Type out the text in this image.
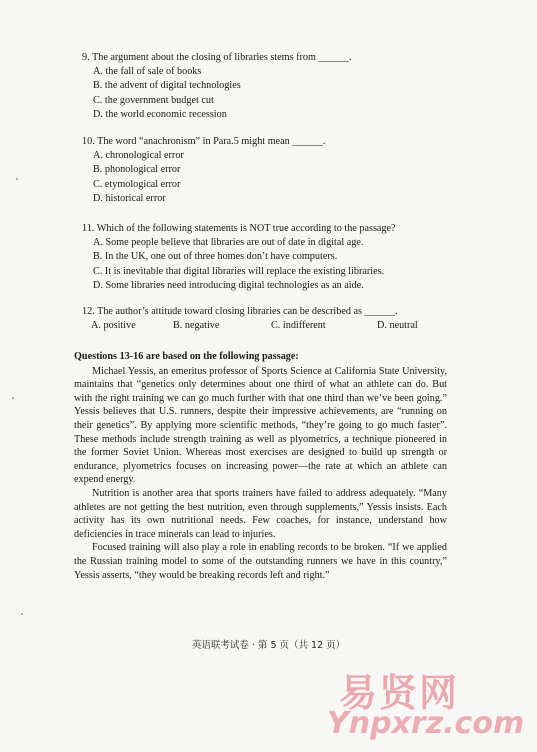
9. The argument about the closing of libraries stems from ______.
A. the fall of sale of books
B. the advent of digital technologies
C. the government budget cut
D. the world economic recession
10. The word “anachronism” in Para.5 might mean ______.
A. chronological error
B. phonological error
C. etymological error
D. historical error
11. Which of the following statements is NOT true according to the passage?
A. Some people believe that libraries are out of date in digital age.
B. In the UK, one out of three homes don’t have computers.
C. It is inevitable that digital libraries will replace the existing libraries.
D. Some libraries need introducing digital technologies as an aide.
12. The author’s attitude toward closing libraries can be described as ______.
A. positive	B. negative	C. indifferent	D. neutral
Questions 13-16 are based on the following passage:

Michael Yessis, an emeritus professor of Sports Science at California State University, maintains that “genetics only determines about one third of what an athlete can do. But with the right training we can go much further with that one third than we’ve been going.” Yessis believes that U.S. runners, despite their impressive achievements, are “running on their genetics”. By applying more scientific methods, “they’re going to go much faster”. These methods include strength training as well as plyometrics, a technique pioneered in the former Soviet Union. Whereas most exercises are designed to build up strength or endurance, plyometrics focuses on increasing power—the rate at which an athlete can expend energy.

Nutrition is another area that sports trainers have failed to address adequately. “Many athletes are not getting the best nutrition, even through supplements,” Yessis insists. Each activity has its own nutritional needs. Few coaches, for instance, understand how deficiencies in trace minerals can lead to injuries.

Focused training will also play a role in enabling records to be broken. “If we applied the Russian training model to some of the outstanding runners we have in this country,” Yessis asserts, “they would be breaking records left and right.”

英语联考试卷 · 第 5 页（共 12 页）
易贤网
Ynpxrz.com
